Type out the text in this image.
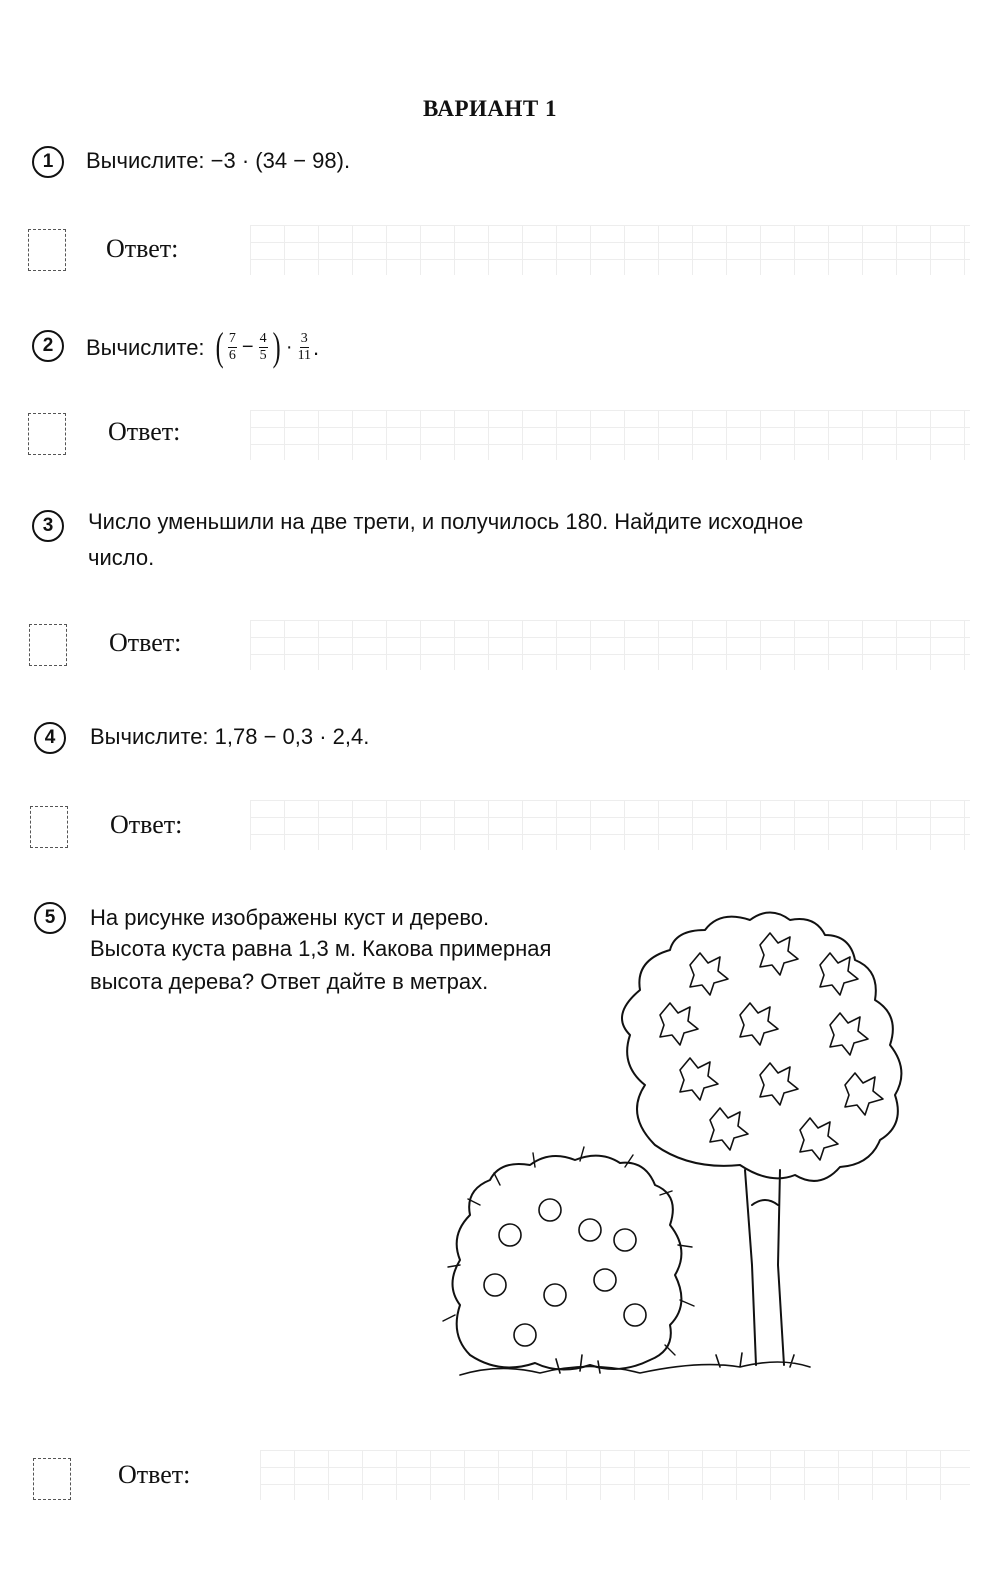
ВАРИАНТ 1
1	Вычислите: −3 · (34 − 98).
Ответ:
2	Вычислите: ( $\frac{7}{6} - \frac{4}{5}$ ) · $\frac{3}{11}$ .
Ответ:
3	Число уменьшили на две трети, и получилось 180. Найдите исходное
число.
Ответ:
4	Вычислите: 1,78 − 0,3 · 2,4.
Ответ:
5	На рисунке изображены куст и дерево.
Высота куста равна 1,3 м. Какова примерная
высота дерева? Ответ дайте в метрах.
Ответ:
